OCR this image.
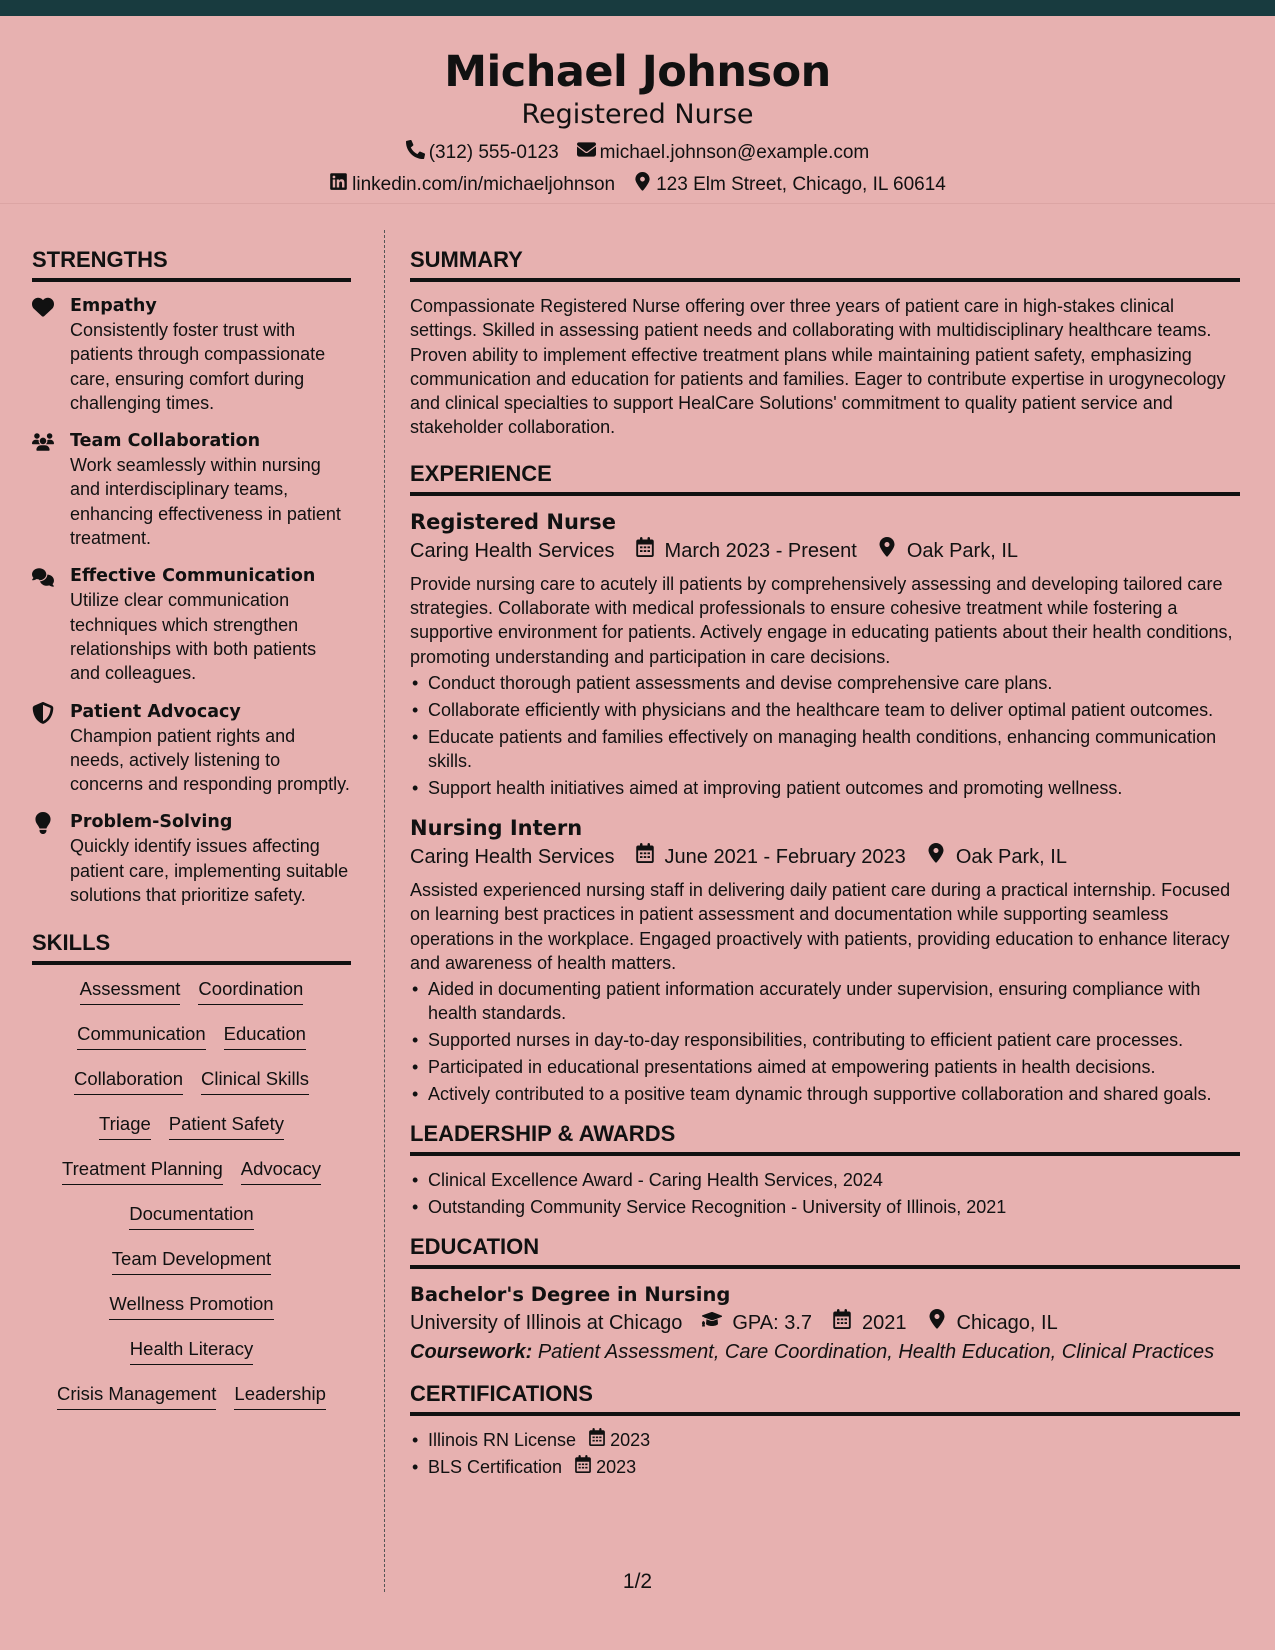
Michael Johnson
Registered Nurse
(312) 555-0123 michael.johnson@example.com
linkedin.com/in/michaeljohnson 123 Elm Street, Chicago, IL 60614
STRENGTHS
Empathy
Consistently foster trust with patients through compassionate care, ensuring comfort during challenging times.
Team Collaboration
Work seamlessly within nursing and interdisciplinary teams, enhancing effectiveness in patient treatment.
Effective Communication
Utilize clear communication techniques which strengthen relationships with both patients and colleagues.
Patient Advocacy
Champion patient rights and needs, actively listening to concerns and responding promptly.
Problem-Solving
Quickly identify issues affecting patient care, implementing suitable solutions that prioritize safety.
SKILLS
Assessment Coordination
Communication Education
Collaboration Clinical Skills
Triage Patient Safety
Treatment Planning Advocacy
Documentation
Team Development
Wellness Promotion
Health Literacy
Crisis Management Leadership
SUMMARY
Compassionate Registered Nurse offering over three years of patient care in high-stakes clinical settings. Skilled in assessing patient needs and collaborating with multidisciplinary healthcare teams. Proven ability to implement effective treatment plans while maintaining patient safety, emphasizing communication and education for patients and families. Eager to contribute expertise in urogynecology and clinical specialties to support HealCare Solutions' commitment to quality patient service and stakeholder collaboration.
EXPERIENCE
Registered Nurse
Caring Health Services	March 2023 - Present	Oak Park, IL
Provide nursing care to acutely ill patients by comprehensively assessing and developing tailored care strategies. Collaborate with medical professionals to ensure cohesive treatment while fostering a supportive environment for patients. Actively engage in educating patients about their health conditions, promoting understanding and participation in care decisions.
• Conduct thorough patient assessments and devise comprehensive care plans.
• Collaborate efficiently with physicians and the healthcare team to deliver optimal patient outcomes.
• Educate patients and families effectively on managing health conditions, enhancing communication skills.
• Support health initiatives aimed at improving patient outcomes and promoting wellness.
Nursing Intern
Caring Health Services	June 2021 - February 2023	Oak Park, IL
Assisted experienced nursing staff in delivering daily patient care during a practical internship. Focused on learning best practices in patient assessment and documentation while supporting seamless operations in the workplace. Engaged proactively with patients, providing education to enhance literacy and awareness of health matters.
• Aided in documenting patient information accurately under supervision, ensuring compliance with health standards.
• Supported nurses in day-to-day responsibilities, contributing to efficient patient care processes.
• Participated in educational presentations aimed at empowering patients in health decisions.
• Actively contributed to a positive team dynamic through supportive collaboration and shared goals.
LEADERSHIP & AWARDS
• Clinical Excellence Award - Caring Health Services, 2024
• Outstanding Community Service Recognition - University of Illinois, 2021
EDUCATION
Bachelor's Degree in Nursing
University of Illinois at Chicago	GPA: 3.7	2021	Chicago, IL
Coursework: Patient Assessment, Care Coordination, Health Education, Clinical Practices
CERTIFICATIONS
• Illinois RN License 2023
• BLS Certification 2023
1/2
